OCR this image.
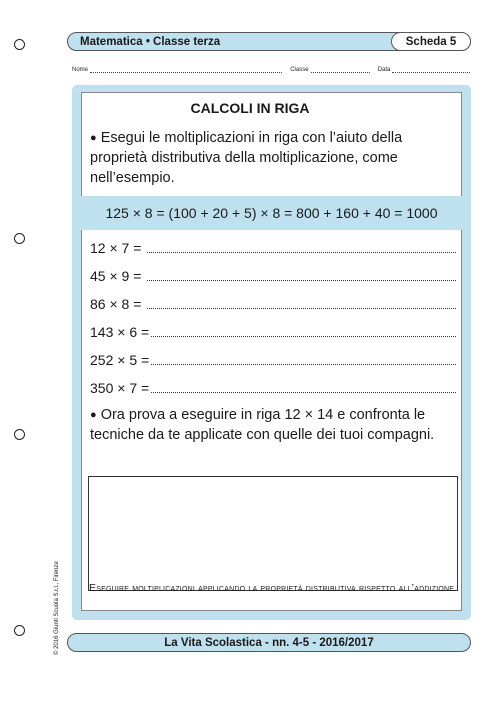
Matematica • Classe terza	Scheda 5
Nome	Classe	Data
CALCOLI IN RIGA
● Esegui le moltiplicazioni in riga con l’aiuto della proprietà distributiva della moltiplicazione, come nell’esempio.
125 × 8 = (100 + 20 + 5) × 8 = 800 + 160 + 40 = 1000
12 × 7 =
45 × 9 =
86 × 8 =
143 × 6 =
252 × 5 =
350 × 7 =
● Ora prova a eseguire in riga 12 × 14 e confronta le tecniche da te applicate con quelle dei tuoi compagni.
Eseguire moltiplicazioni applicando la proprietà distributiva rispetto all’addizione.
© 2016 Giunti Scuola S.r.l., Firenze	La Vita Scolastica - nn. 4-5 - 2016/2017
